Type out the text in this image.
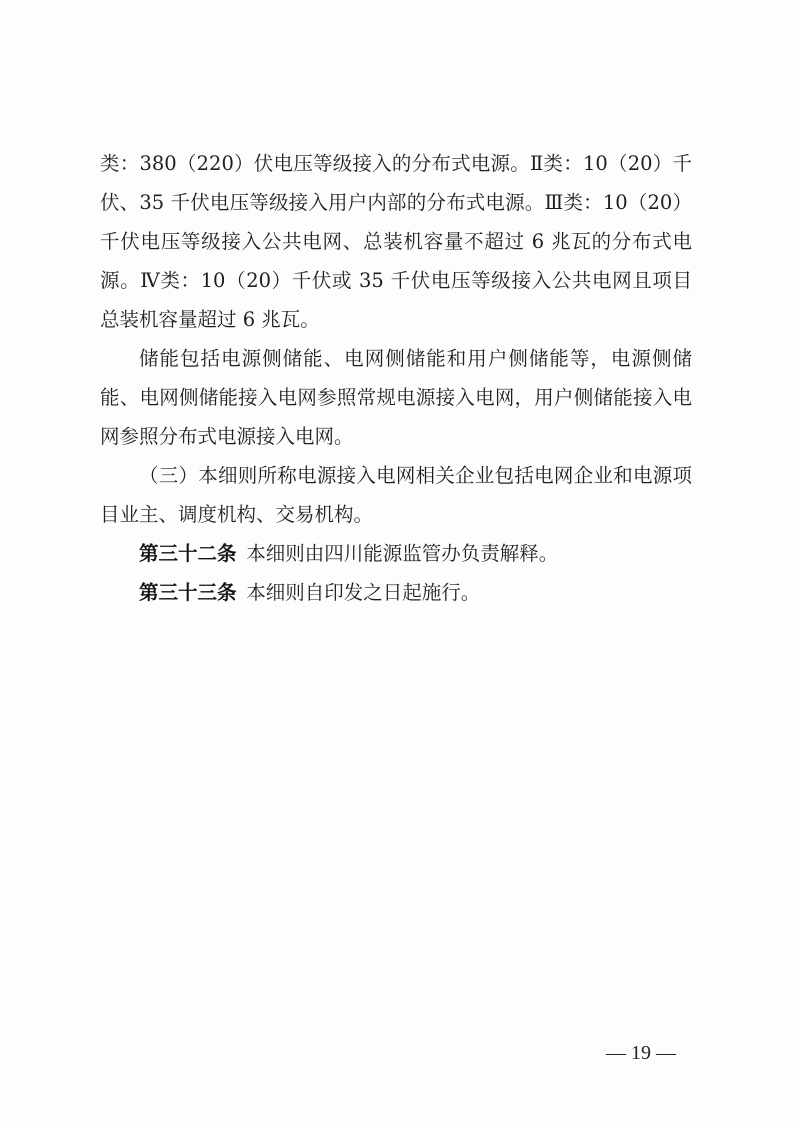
类：380（220）伏电压等级接入的分布式电源。Ⅱ类：10（20）千伏、35 千伏电压等级接入用户内部的分布式电源。Ⅲ类：10（20）千伏电压等级接入公共电网、总装机容量不超过 6 兆瓦的分布式电源。Ⅳ类：10（20）千伏或 35 千伏电压等级接入公共电网且项目总装机容量超过 6 兆瓦。

储能包括电源侧储能、电网侧储能和用户侧储能等，电源侧储能、电网侧储能接入电网参照常规电源接入电网，用户侧储能接入电网参照分布式电源接入电网。

（三）本细则所称电源接入电网相关企业包括电网企业和电源项目业主、调度机构、交易机构。

第三十二条  本细则由四川能源监管办负责解释。

第三十三条  本细则自印发之日起施行。

— 19 —
